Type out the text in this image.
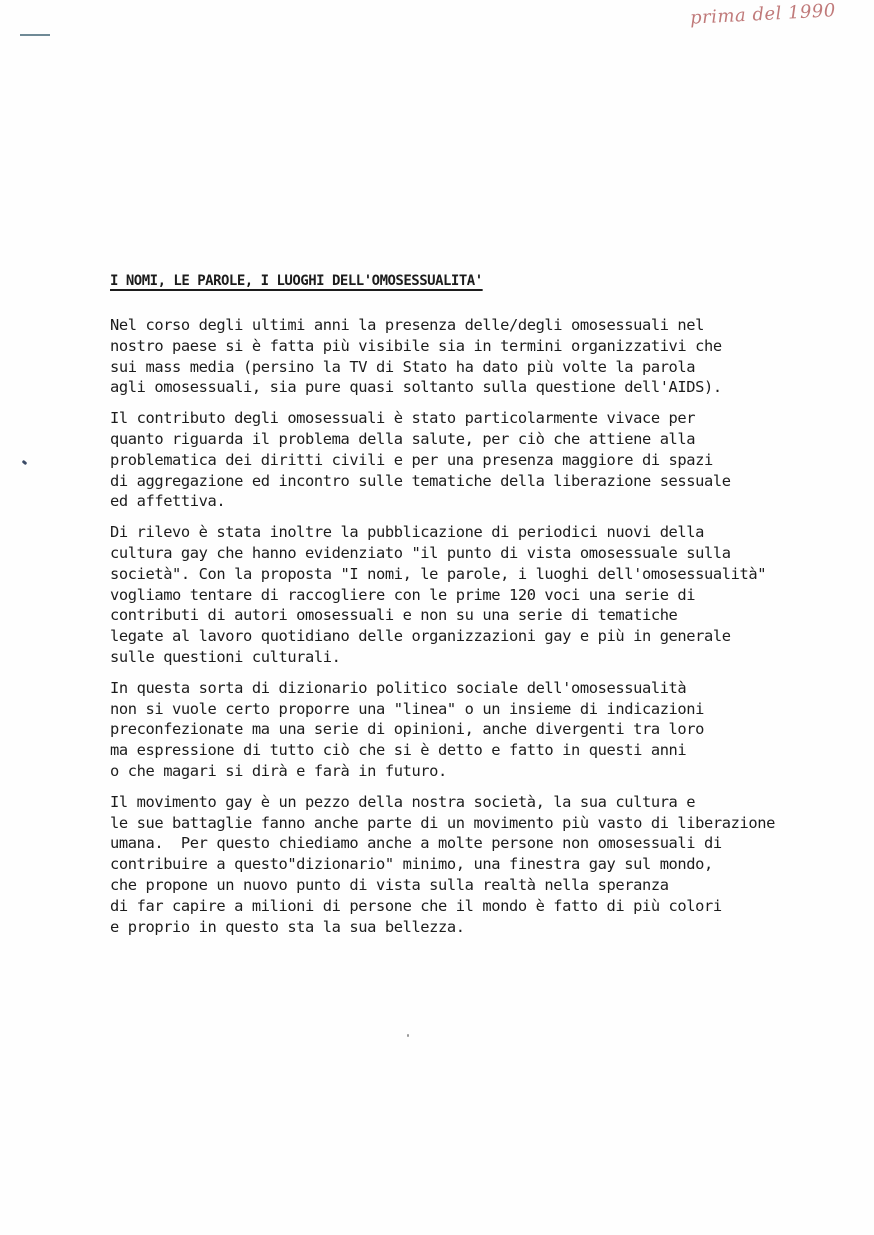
prima del 1990
I NOMI, LE PAROLE, I LUOGHI DELL'OMOSESSUALITA'

Nel corso degli ultimi anni la presenza delle/degli omosessuali nel
nostro paese si è fatta più visibile sia in termini organizzativi che
sui mass media (persino la TV di Stato ha dato più volte la parola
agli omosessuali, sia pure quasi soltanto sulla questione dell'AIDS).

Il contributo degli omosessuali è stato particolarmente vivace per
quanto riguarda il problema della salute, per ciò che attiene alla
problematica dei diritti civili e per una presenza maggiore di spazi
di aggregazione ed incontro sulle tematiche della liberazione sessuale
ed affettiva.

Di rilevo è stata inoltre la pubblicazione di periodici nuovi della
cultura gay che hanno evidenziato "il punto di vista omosessuale sulla
società". Con la proposta "I nomi, le parole, i luoghi dell'omosessualità"
vogliamo tentare di raccogliere con le prime 120 voci una serie di
contributi di autori omosessuali e non su una serie di tematiche
legate al lavoro quotidiano delle organizzazioni gay e più in generale
sulle questioni culturali.

In questa sorta di dizionario politico sociale dell'omosessualità
non si vuole certo proporre una "linea" o un insieme di indicazioni
preconfezionate ma una serie di opinioni, anche divergenti tra loro
ma espressione di tutto ciò che si è detto e fatto in questi anni
o che magari si dirà e farà in futuro.

Il movimento gay è un pezzo della nostra società, la sua cultura e
le sue battaglie fanno anche parte di un movimento più vasto di liberazione
umana.  Per questo chiediamo anche a molte persone non omosessuali di
contribuire a questo"dizionario" minimo, una finestra gay sul mondo,
che propone un nuovo punto di vista sulla realtà nella speranza
di far capire a milioni di persone che il mondo è fatto di più colori
e proprio in questo sta la sua bellezza.
